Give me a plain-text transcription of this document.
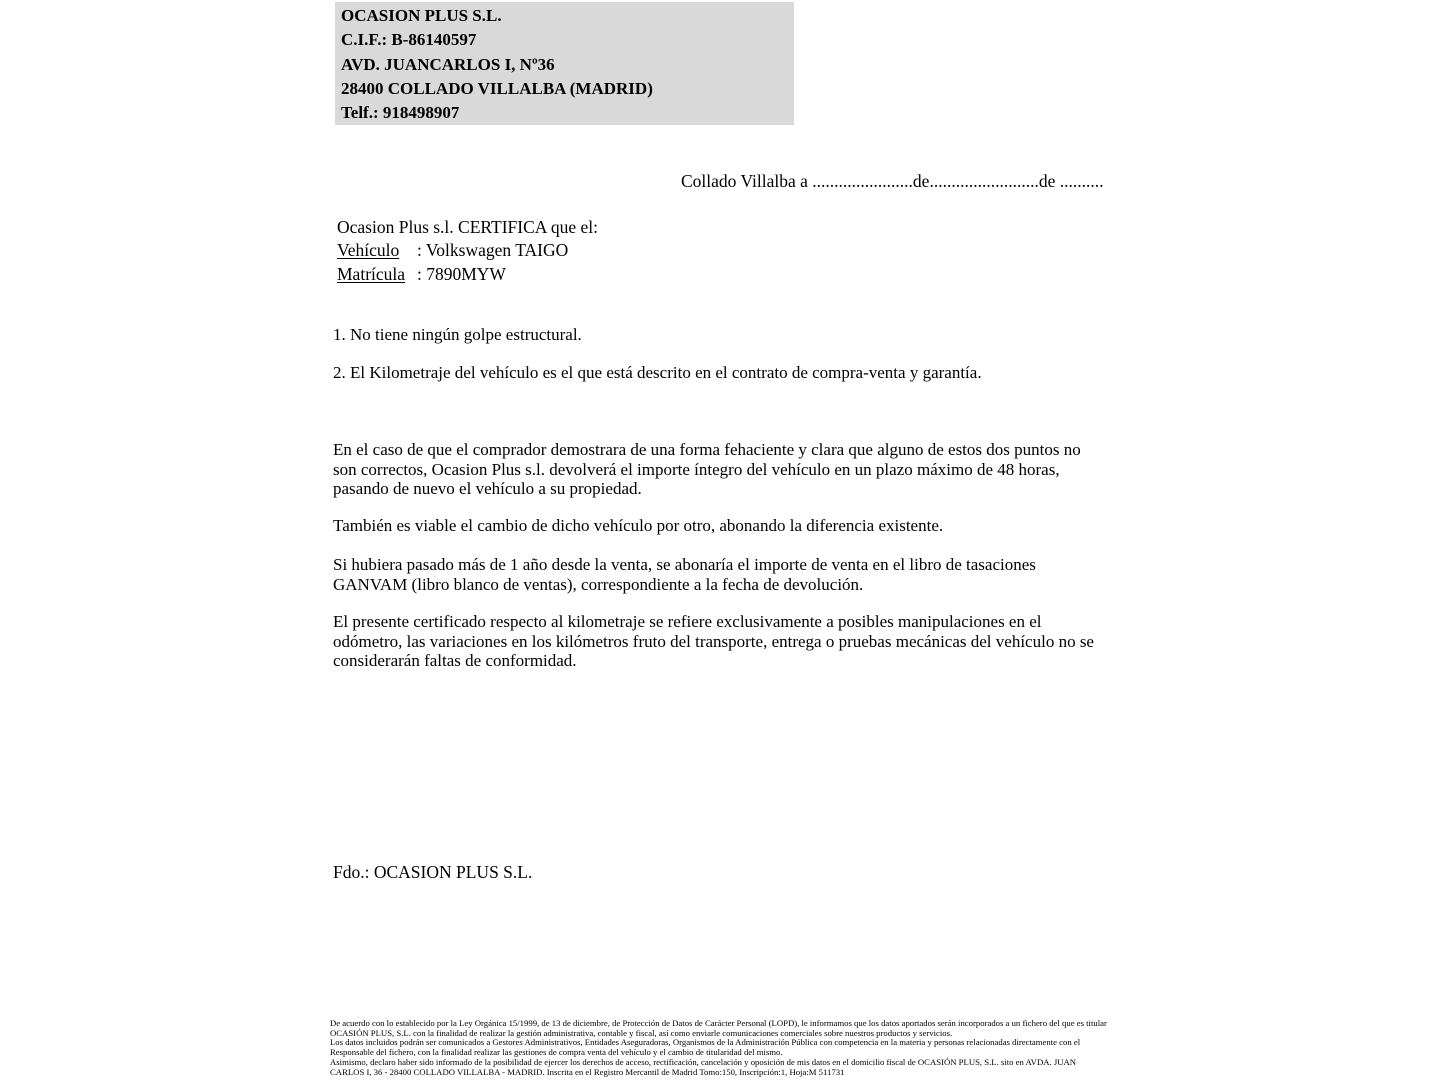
OCASION PLUS S.L.
C.I.F.: B-86140597
AVD. JUANCARLOS I, Nº36
28400 COLLADO VILLALBA (MADRID)
Telf.: 918498907
Collado Villalba a .......................de.........................de ..........
Ocasion Plus s.l. CERTIFICA que el:
Vehículo : Volkswagen TAIGO
Matrícula : 7890MYW
1. No tiene ningún golpe estructural.
2. El Kilometraje del vehículo es el que está descrito en el contrato de compra-venta y garantía.
En el caso de que el comprador demostrara de una forma fehaciente y clara que alguno de estos dos puntos no son correctos, Ocasion Plus s.l. devolverá el importe íntegro del vehículo en un plazo máximo de 48 horas, pasando de nuevo el vehículo a su propiedad.
También es viable el cambio de dicho vehículo por otro, abonando la diferencia existente.
Si hubiera pasado más de 1 año desde la venta, se abonaría el importe de venta en el libro de tasaciones GANVAM (libro blanco de ventas), correspondiente a la fecha de devolución.
El presente certificado respecto al kilometraje se refiere exclusivamente a posibles manipulaciones en el odómetro, las variaciones en los kilómetros fruto del transporte, entrega o pruebas mecánicas del vehículo no se considerarán faltas de conformidad.
Fdo.: OCASION PLUS S.L.
De acuerdo con lo establecido por la Ley Orgánica 15/1999, de 13 de diciembre, de Protección de Datos de Carácter Personal (LOPD), le informamos que los datos aportados serán incorporados a un fichero del que es titular
OCASIÓN PLUS, S.L. con la finalidad de realizar la gestión administrativa, contable y fiscal, así como enviarle comunicaciones comerciales sobre nuestros productos y servicios.
Los datos incluidos podrán ser comunicados a Gestores Administrativos, Entidades Aseguradoras, Organismos de la Administración Pública con competencia en la materia y personas relacionadas directamente con el
Responsable del fichero, con la finalidad realizar las gestiones de compra venta del vehículo y el cambio de titularidad del mismo.
Asimismo, declaro haber sido informado de la posibilidad de ejercer los derechos de acceso, rectificación, cancelación y oposición de mis datos en el domicilio fiscal de OCASIÓN PLUS, S.L. sito en AVDA. JUAN
CARLOS I, 36 - 28400 COLLADO VILLALBA - MADRID. Inscrita en el Registro Mercantil de Madrid Tomo:150, Inscripción:1, Hoja:M 511731
